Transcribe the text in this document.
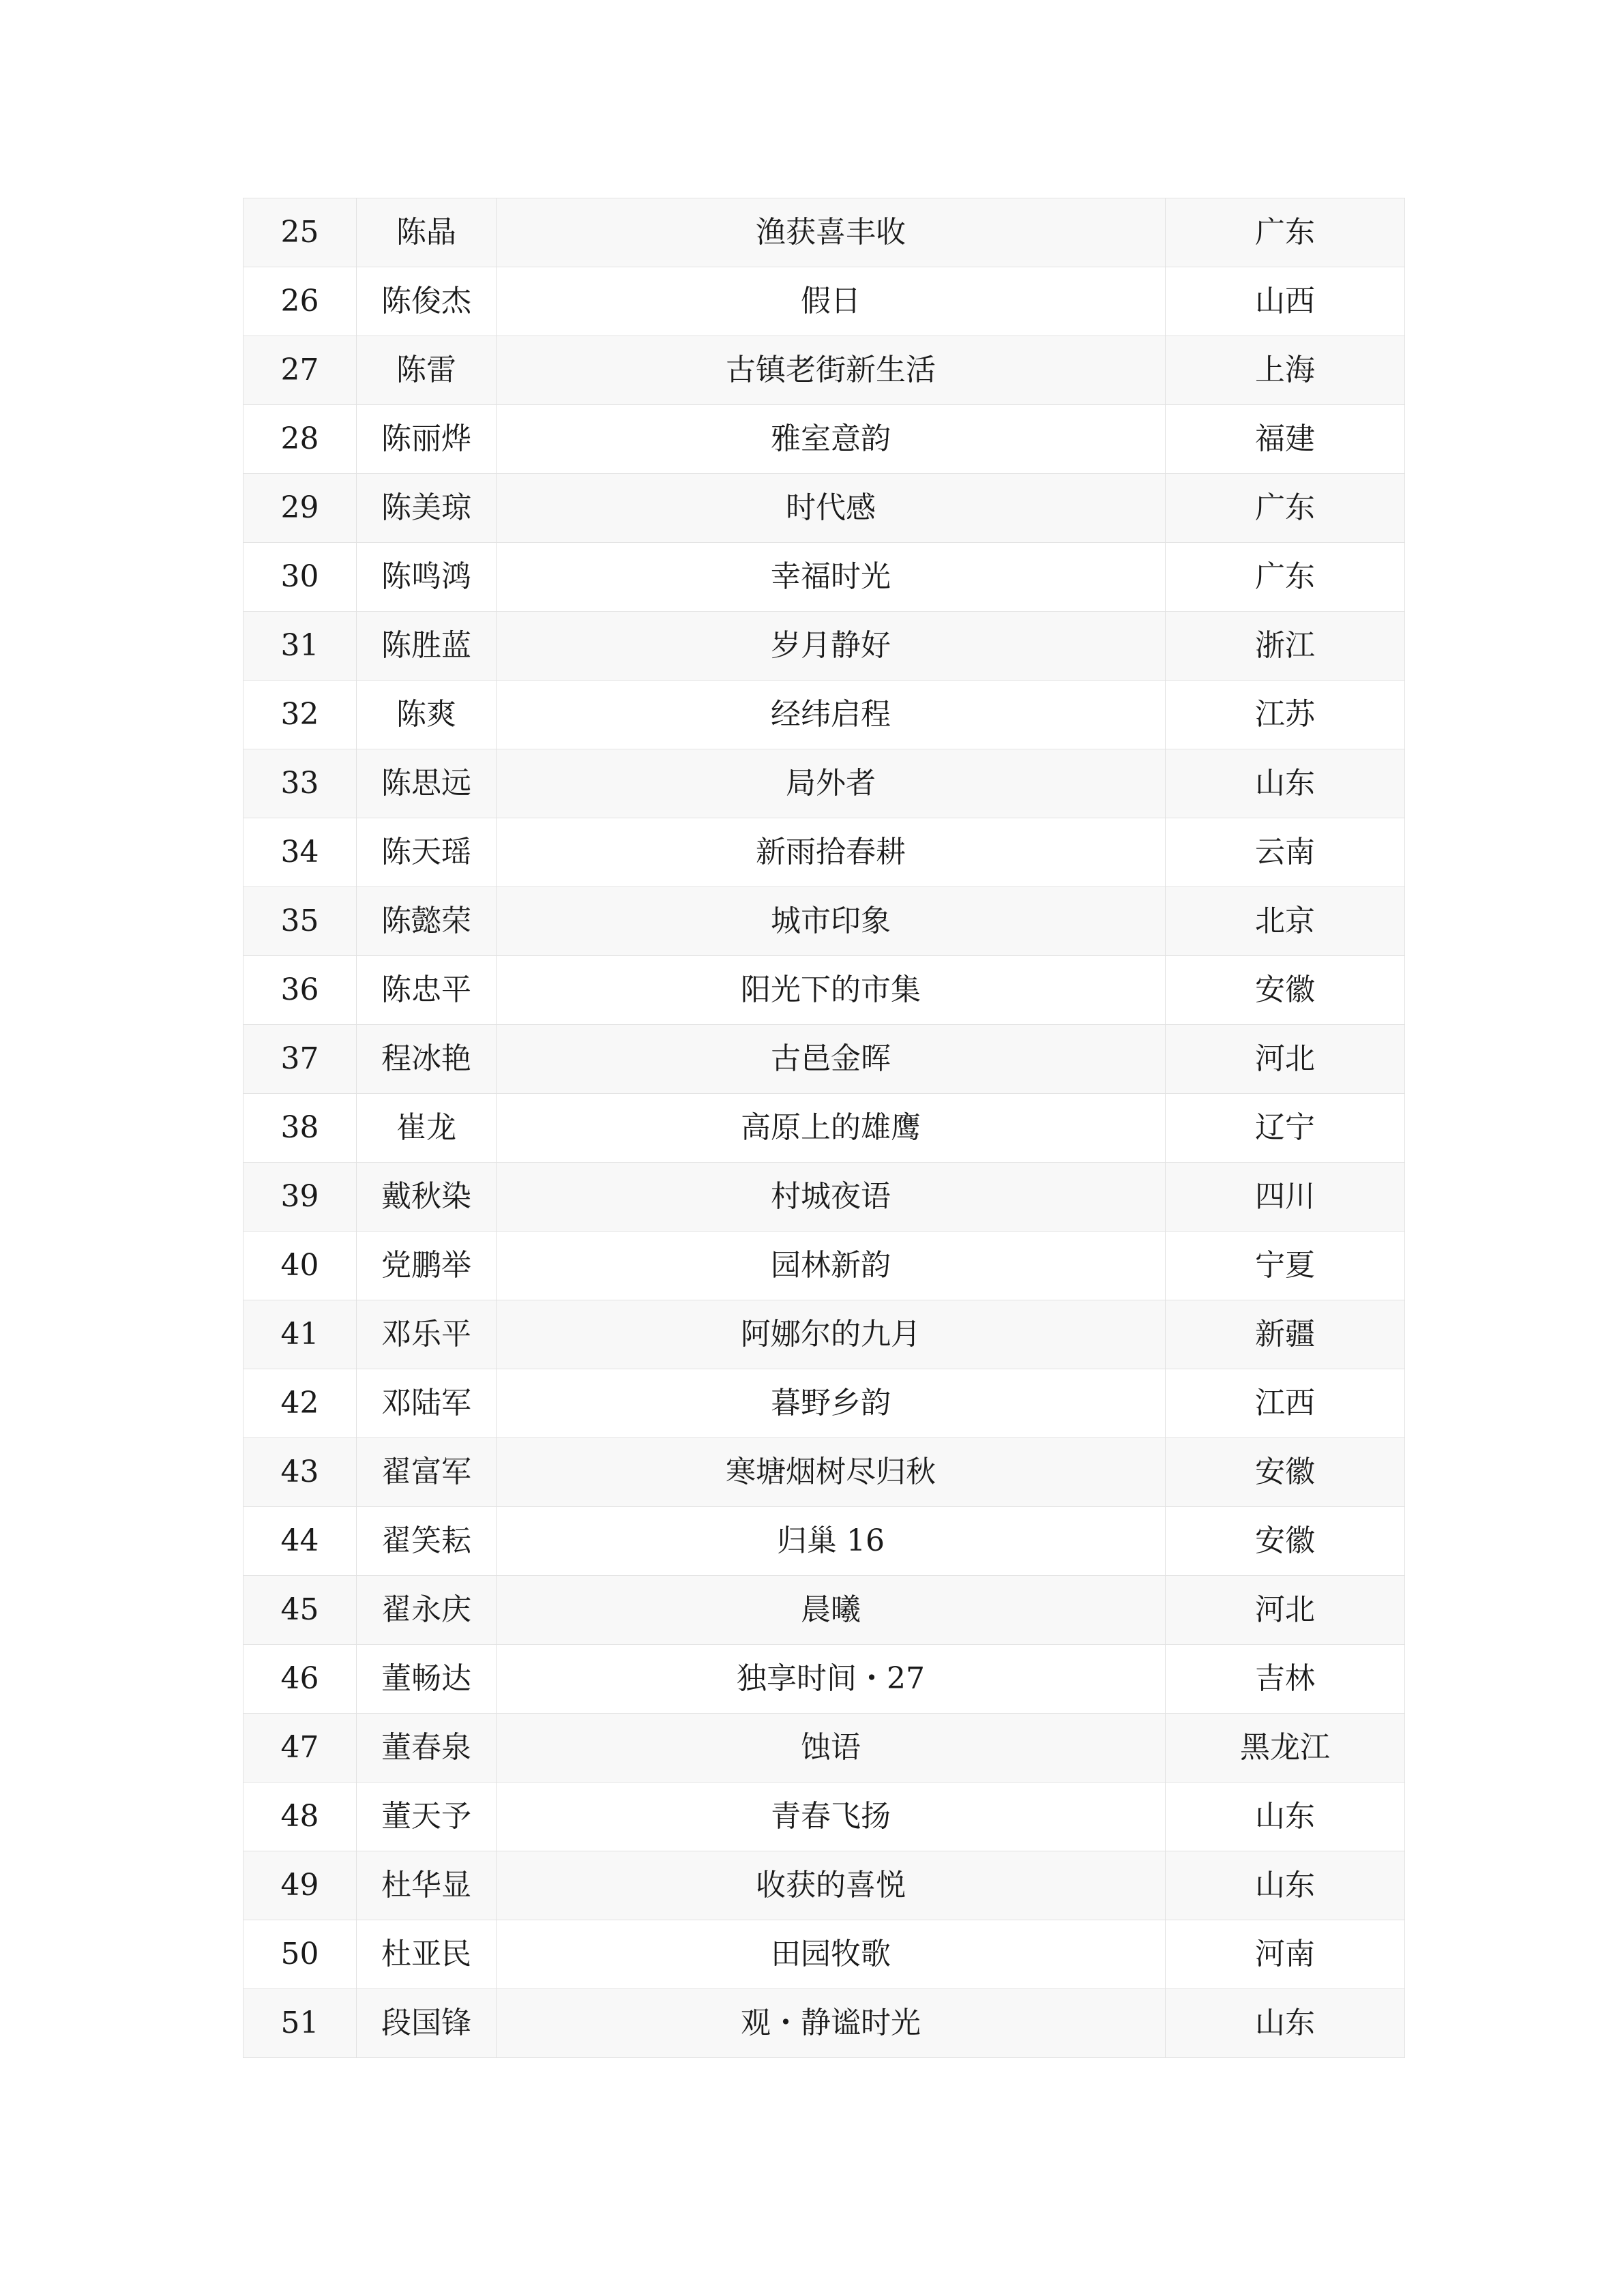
25	陈晶	渔获喜丰收	广东
26	陈俊杰	假日	山西
27	陈雷	古镇老街新生活	上海
28	陈丽烨	雅室意韵	福建
29	陈美琼	时代感	广东
30	陈鸣鸿	幸福时光	广东
31	陈胜蓝	岁月静好	浙江
32	陈爽	经纬启程	江苏
33	陈思远	局外者	山东
34	陈天瑶	新雨拾春耕	云南
35	陈懿荣	城市印象	北京
36	陈忠平	阳光下的市集	安徽
37	程冰艳	古邑金晖	河北
38	崔龙	高原上的雄鹰	辽宁
39	戴秋染	村城夜语	四川
40	党鹏举	园林新韵	宁夏
41	邓乐平	阿娜尔的九月	新疆
42	邓陆军	暮野乡韵	江西
43	翟富军	寒塘烟树尽归秋	安徽
44	翟笑耘	归巢 16	安徽
45	翟永庆	晨曦	河北
46	董畅达	独享时间・27	吉林
47	董春泉	蚀语	黑龙江
48	董天予	青春飞扬	山东
49	杜华显	收获的喜悦	山东
50	杜亚民	田园牧歌	河南
51	段国锋	观・静谧时光	山东
